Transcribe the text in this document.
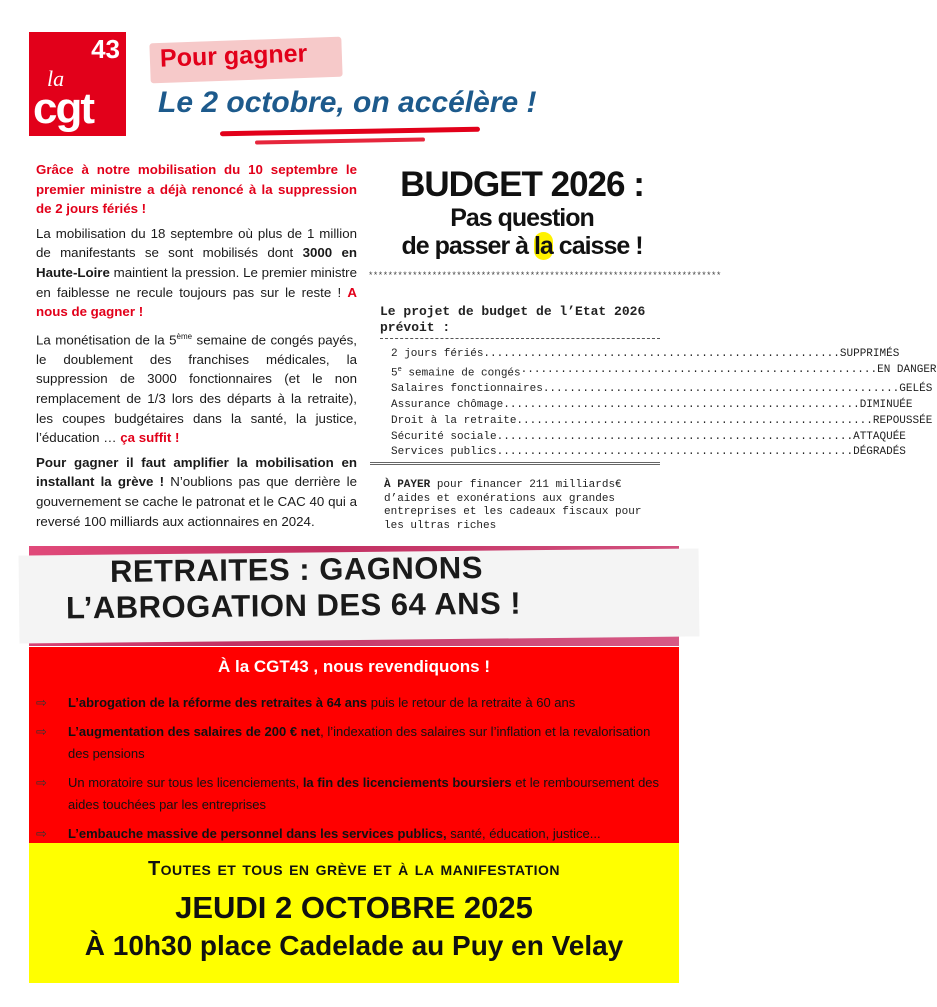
43
la
cgt
Pour gagner
Le 2 octobre, on accélère !

Grâce à notre mobilisation du 10 septembre le premier ministre a déjà renoncé à la suppression de 2 jours fériés !

La mobilisation du 18 septembre où plus de 1 million de manifestants se sont mobilisés dont 3000 en Haute-Loire maintient la pression. Le premier ministre en faiblesse ne recule toujours pas sur le reste ! A nous de gagner !

La monétisation de la 5ème semaine de congés payés, le doublement des franchises médicales, la suppression de 3000 fonctionnaires (et le non remplacement de 1/3 lors des départs à la retraite), les coupes budgétaires dans la santé, la justice, l’éducation … ça suffit !

Pour gagner il faut amplifier la mobilisation en installant la grève ! N’oublions pas que derrière le gouvernement se cache le patronat et le CAC 40 qui a reversé 100 milliards aux actionnaires en 2024.

BUDGET 2026 :
Pas question
de passer à la caisse !
************************************************************************
Le projet de budget de l’Etat 2026
prévoit :
2 jours fériés ...................................................... SUPPRIMÉS
5e semaine de congés ...................................................... EN DANGER
Salaires fonctionnaires ...................................................... GELÉS
Assurance chômage ...................................................... DIMINUÉE
Droit à la retraite ...................................................... REPOUSSÉE
Sécurité sociale ...................................................... ATTAQUÉE
Services publics ...................................................... DÉGRADÉS
À PAYER pour financer 211 milliards€ d’aides et exonérations aux grandes entreprises et les cadeaux fiscaux pour les ultras riches
RETRAITES : GAGNONS
L’ABROGATION DES 64 ANS !
À la CGT43 , nous revendiquons !
⇨ L’abrogation de la réforme des retraites à 64 ans puis le retour de la retraite à 60 ans
⇨ L’augmentation des salaires de 200 € net, l’indexation des salaires sur l’inflation et la revalorisation des pensions
⇨ Un moratoire sur tous les licenciements, la fin des licenciements boursiers et le remboursement des aides touchées par les entreprises
⇨ L’embauche massive de personnel dans les services publics, santé, éducation, justice...
Toutes et tous en grève et à la manifestation
JEUDI 2 OCTOBRE 2025
À 10h30 place Cadelade au Puy en Velay
